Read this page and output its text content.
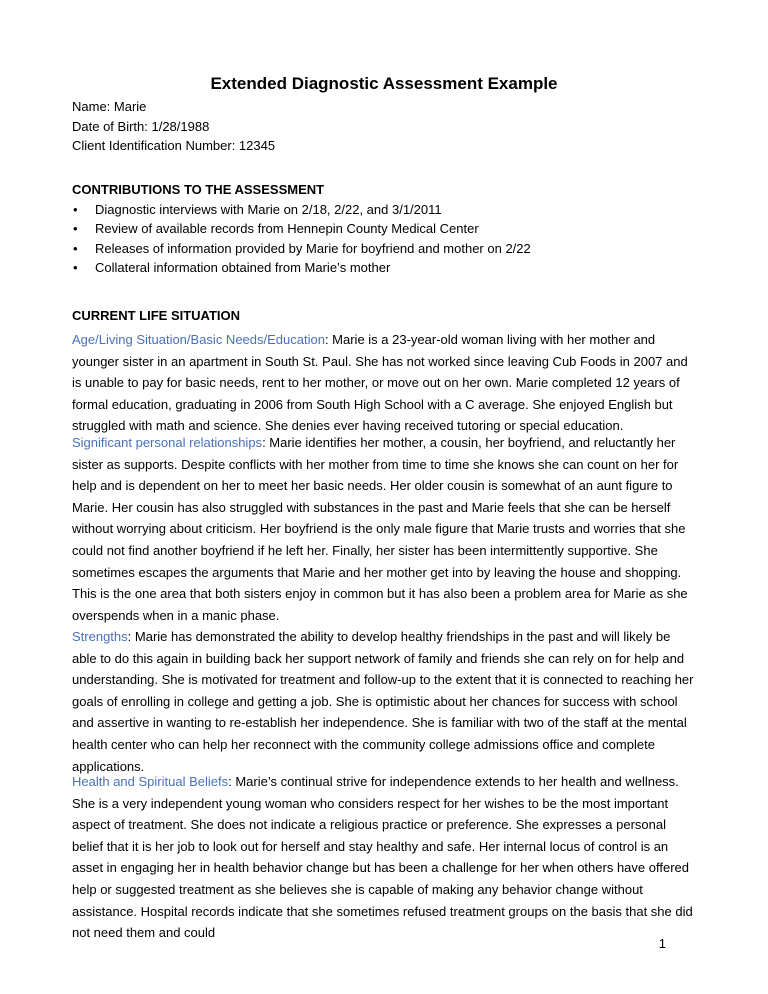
Extended Diagnostic Assessment Example
Name: Marie
Date of Birth: 1/28/1988
Client Identification Number: 12345
CONTRIBUTIONS TO THE ASSESSMENT
• Diagnostic interviews with Marie on 2/18, 2/22, and 3/1/2011
• Review of available records from Hennepin County Medical Center
• Releases of information provided by Marie for boyfriend and mother on 2/22
• Collateral information obtained from Marie’s mother
CURRENT LIFE SITUATION

Age/Living Situation/Basic Needs/Education: Marie is a 23-year-old woman living with her mother and younger sister in an apartment in South St. Paul. She has not worked since leaving Cub Foods in 2007 and is unable to pay for basic needs, rent to her mother, or move out on her own. Marie completed 12 years of formal education, graduating in 2006 from South High School with a C average. She enjoyed English but struggled with math and science. She denies ever having received tutoring or special education.

Significant personal relationships: Marie identifies her mother, a cousin, her boyfriend, and reluctantly her sister as supports. Despite conflicts with her mother from time to time she knows she can count on her for help and is dependent on her to meet her basic needs. Her older cousin is somewhat of an aunt figure to Marie. Her cousin has also struggled with substances in the past and Marie feels that she can be herself without worrying about criticism. Her boyfriend is the only male figure that Marie trusts and worries that she could not find another boyfriend if he left her. Finally, her sister has been intermittently supportive. She sometimes escapes the arguments that Marie and her mother get into by leaving the house and shopping. This is the one area that both sisters enjoy in common but it has also been a problem area for Marie as she overspends when in a manic phase.

Strengths: Marie has demonstrated the ability to develop healthy friendships in the past and will likely be able to do this again in building back her support network of family and friends she can rely on for help and understanding. She is motivated for treatment and follow-up to the extent that it is connected to reaching her goals of enrolling in college and getting a job. She is optimistic about her chances for success with school and assertive in wanting to re-establish her independence. She is familiar with two of the staff at the mental health center who can help her reconnect with the community college admissions office and complete applications.

Health and Spiritual Beliefs: Marie’s continual strive for independence extends to her health and wellness. She is a very independent young woman who considers respect for her wishes to be the most important aspect of treatment. She does not indicate a religious practice or preference. She expresses a personal belief that it is her job to look out for herself and stay healthy and safe. Her internal locus of control is an asset in engaging her in health behavior change but has been a challenge for her when others have offered help or suggested treatment as she believes she is capable of making any behavior change without assistance. Hospital records indicate that she sometimes refused treatment groups on the basis that she did not need them and could

1
